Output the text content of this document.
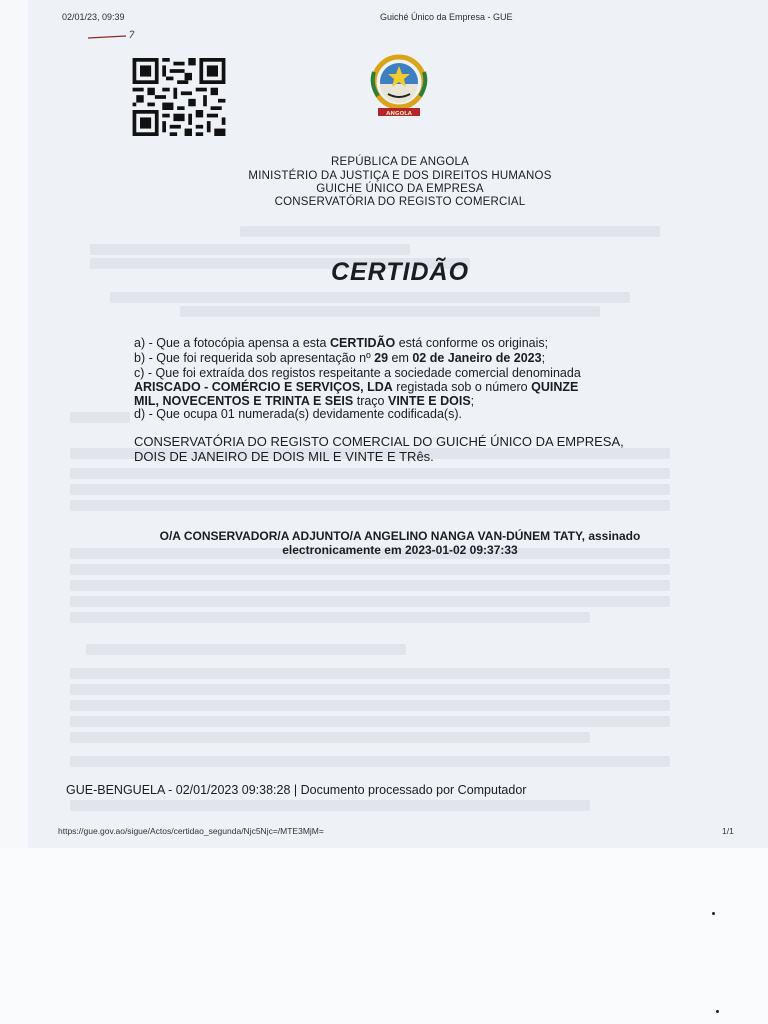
02/01/23, 09:39	Guiché Único da Empresa - GUE
ANGOLA
REPÚBLICA DE ANGOLA
MINISTÉRIO DA JUSTIÇA E DOS DIREITOS HUMANOS
GUICHE ÚNICO DA EMPRESA
CONSERVATÓRIA DO REGISTO COMERCIAL
CERTIDÃO
a) - Que a fotocópia apensa a esta CERTIDÃO está conforme os originais;
b) - Que foi requerida sob apresentação nº 29 em 02 de Janeiro de 2023;
c) - Que foi extraída dos registos respeitante a sociedade comercial denominada
ARISCADO - COMÉRCIO E SERVIÇOS, LDA registada sob o número QUINZE
MIL, NOVECENTOS E TRINTA E SEIS traço VINTE E DOIS;
d) - Que ocupa 01 numerada(s) devidamente codificada(s).
CONSERVATÓRIA DO REGISTO COMERCIAL DO GUICHÉ ÚNICO DA EMPRESA,
DOIS DE JANEIRO DE DOIS MIL E VINTE E TRês.
O/A CONSERVADOR/A ADJUNTO/A ANGELINO NANGA VAN-DÚNEM TATY, assinado
electronicamente em 2023-01-02 09:37:33
GUE-BENGUELA - 02/01/2023 09:38:28 | Documento processado por Computador
https://gue.gov.ao/sigue/Actos/certidao_segunda/Njc5Njc=/MTE3MjM=	1/1
